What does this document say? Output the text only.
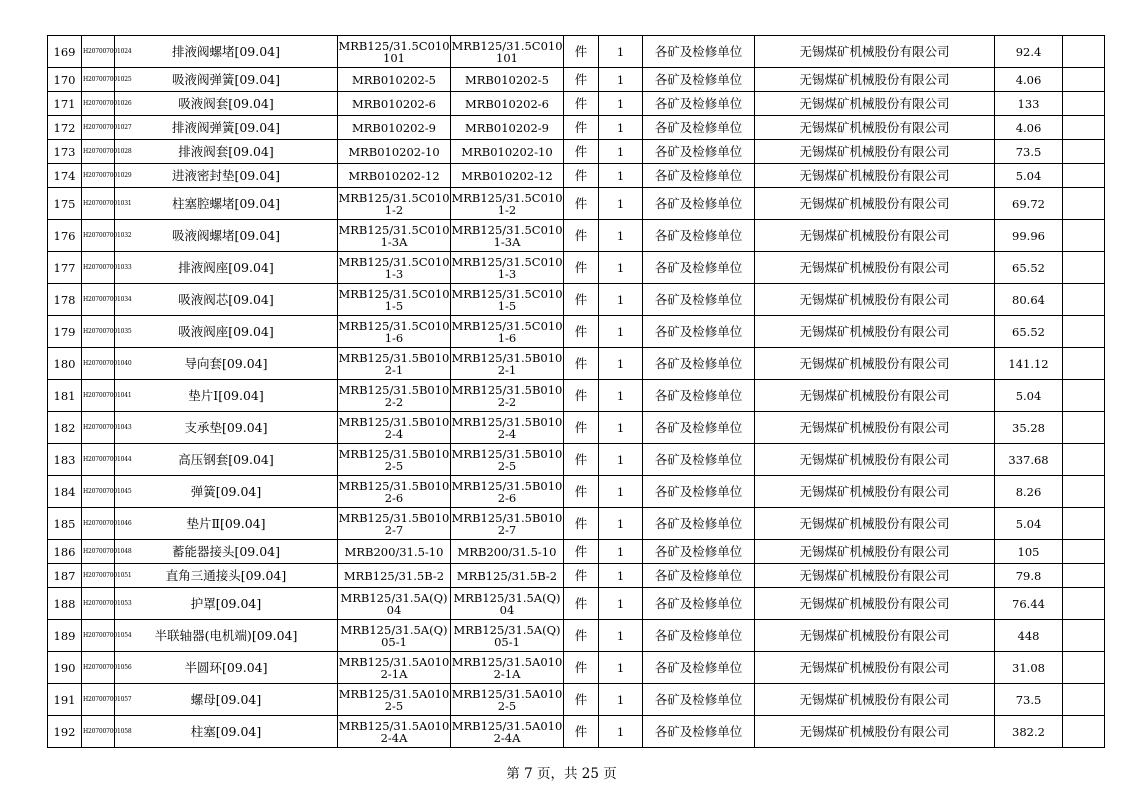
169	H207007001024	排液阀螺堵[09.04]	MRB125/31.5C010101	MRB125/31.5C010101	件	1	各矿及检修单位	无锡煤矿机械股份有限公司	92.4	
170	H207007001025	吸液阀弹簧[09.04]	MRB010202-5	MRB010202-5	件	1	各矿及检修单位	无锡煤矿机械股份有限公司	4.06	
171	H207007001026	吸液阀套[09.04]	MRB010202-6	MRB010202-6	件	1	各矿及检修单位	无锡煤矿机械股份有限公司	133	
172	H207007001027	排液阀弹簧[09.04]	MRB010202-9	MRB010202-9	件	1	各矿及检修单位	无锡煤矿机械股份有限公司	4.06	
173	H207007001028	排液阀套[09.04]	MRB010202-10	MRB010202-10	件	1	各矿及检修单位	无锡煤矿机械股份有限公司	73.5	
174	H207007001029	进液密封垫[09.04]	MRB010202-12	MRB010202-12	件	1	各矿及检修单位	无锡煤矿机械股份有限公司	5.04	
175	H207007001031	柱塞腔螺堵[09.04]	MRB125/31.5C0101-2	MRB125/31.5C0101-2	件	1	各矿及检修单位	无锡煤矿机械股份有限公司	69.72	
176	H207007001032	吸液阀螺堵[09.04]	MRB125/31.5C0101-3A	MRB125/31.5C0101-3A	件	1	各矿及检修单位	无锡煤矿机械股份有限公司	99.96	
177	H207007001033	排液阀座[09.04]	MRB125/31.5C0101-3	MRB125/31.5C0101-3	件	1	各矿及检修单位	无锡煤矿机械股份有限公司	65.52	
178	H207007001034	吸液阀芯[09.04]	MRB125/31.5C0101-5	MRB125/31.5C0101-5	件	1	各矿及检修单位	无锡煤矿机械股份有限公司	80.64	
179	H207007001035	吸液阀座[09.04]	MRB125/31.5C0101-6	MRB125/31.5C0101-6	件	1	各矿及检修单位	无锡煤矿机械股份有限公司	65.52	
180	H207007001040	导向套[09.04]	MRB125/31.5B0102-1	MRB125/31.5B0102-1	件	1	各矿及检修单位	无锡煤矿机械股份有限公司	141.12	
181	H207007001041	垫片Ⅰ[09.04]	MRB125/31.5B0102-2	MRB125/31.5B0102-2	件	1	各矿及检修单位	无锡煤矿机械股份有限公司	5.04	
182	H207007001043	支承垫[09.04]	MRB125/31.5B0102-4	MRB125/31.5B0102-4	件	1	各矿及检修单位	无锡煤矿机械股份有限公司	35.28	
183	H207007001044	高压钢套[09.04]	MRB125/31.5B0102-5	MRB125/31.5B0102-5	件	1	各矿及检修单位	无锡煤矿机械股份有限公司	337.68	
184	H207007001045	弹簧[09.04]	MRB125/31.5B0102-6	MRB125/31.5B0102-6	件	1	各矿及检修单位	无锡煤矿机械股份有限公司	8.26	
185	H207007001046	垫片Ⅱ[09.04]	MRB125/31.5B0102-7	MRB125/31.5B0102-7	件	1	各矿及检修单位	无锡煤矿机械股份有限公司	5.04	
186	H207007001048	蓄能器接头[09.04]	MRB200/31.5-10	MRB200/31.5-10	件	1	各矿及检修单位	无锡煤矿机械股份有限公司	105	
187	H207007001051	直角三通接头[09.04]	MRB125/31.5B-2	MRB125/31.5B-2	件	1	各矿及检修单位	无锡煤矿机械股份有限公司	79.8	
188	H207007001053	护罩[09.04]	MRB125/31.5A(Q)04	MRB125/31.5A(Q)04	件	1	各矿及检修单位	无锡煤矿机械股份有限公司	76.44	
189	H207007001054	半联轴器(电机端)[09.04]	MRB125/31.5A(Q)05-1	MRB125/31.5A(Q)05-1	件	1	各矿及检修单位	无锡煤矿机械股份有限公司	448	
190	H207007001056	半圆环[09.04]	MRB125/31.5A0102-1A	MRB125/31.5A0102-1A	件	1	各矿及检修单位	无锡煤矿机械股份有限公司	31.08	
191	H207007001057	螺母[09.04]	MRB125/31.5A0102-5	MRB125/31.5A0102-5	件	1	各矿及检修单位	无锡煤矿机械股份有限公司	73.5	
192	H207007001058	柱塞[09.04]	MRB125/31.5A0102-4A	MRB125/31.5A0102-4A	件	1	各矿及检修单位	无锡煤矿机械股份有限公司	382.2	
第 7 页，共 25 页
